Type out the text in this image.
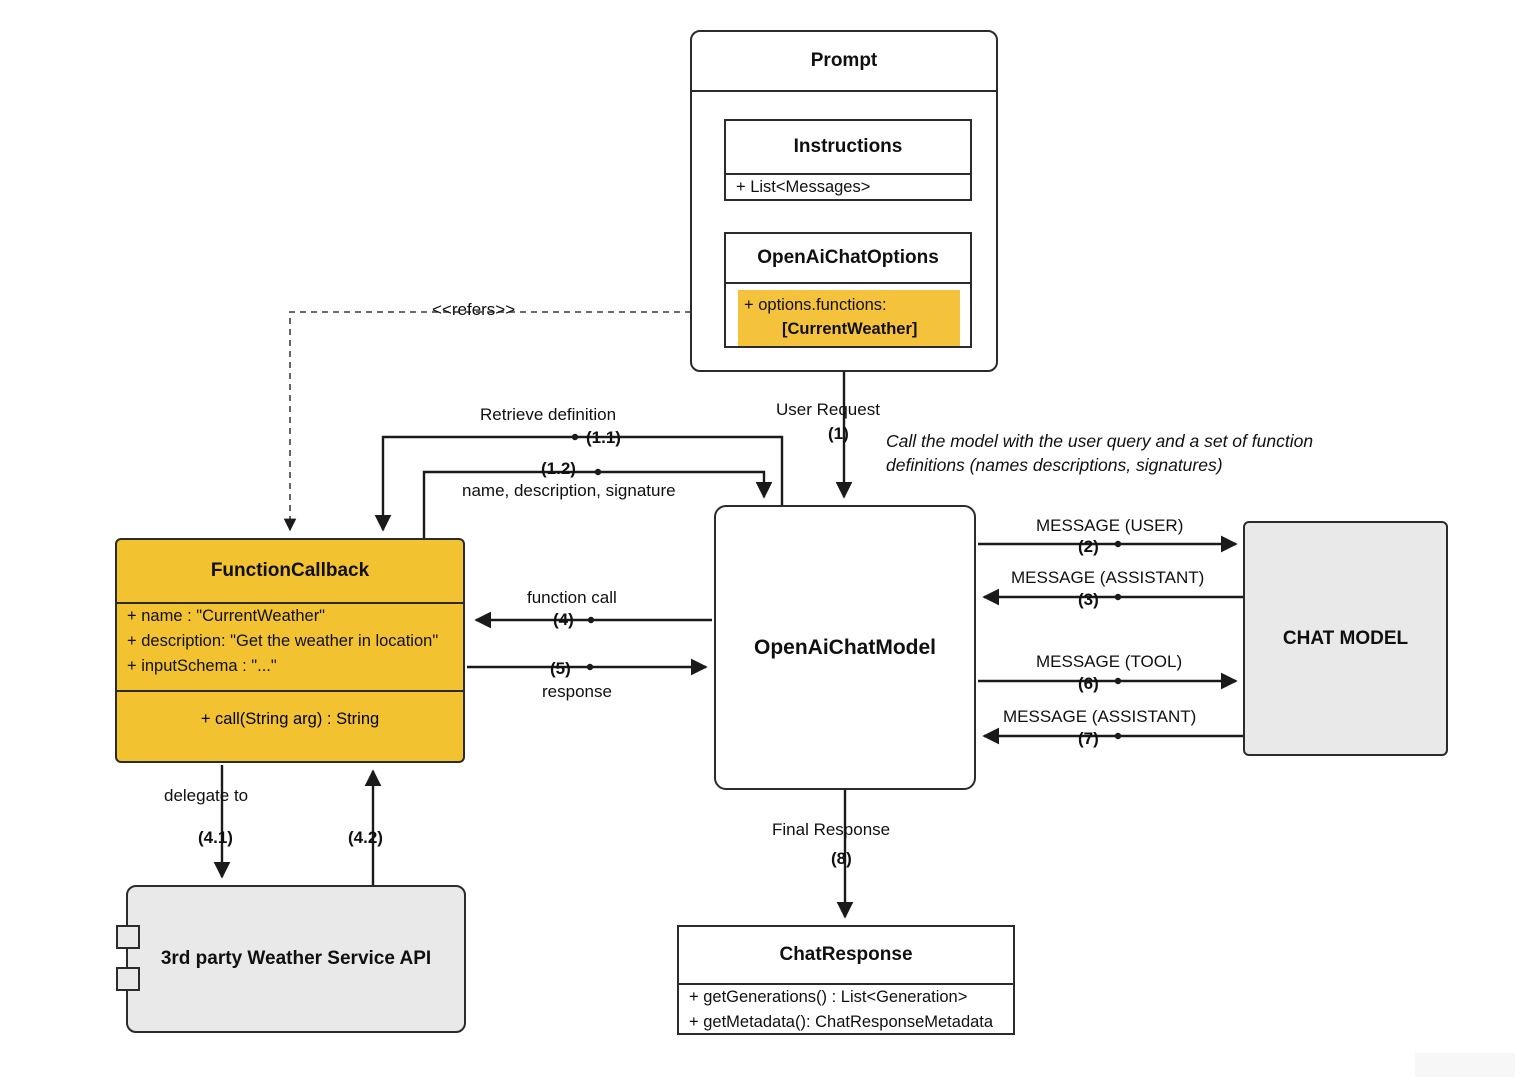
Prompt
Instructions
+ List<Messages>
OpenAiChatOptions
+ options.functions:
[CurrentWeather]
FunctionCallback
+ name : "CurrentWeather"
+ description: "Get the weather in location"
+ inputSchema : "..."
+ call(String arg) : String
OpenAiChatModel	CHAT MODEL
3rd party Weather Service API	ChatResponse
+ getGenerations() : List<Generation>
+ getMetadata(): ChatResponseMetadata
<<refers>>
User Request
(1) Call the model with the user query and a set of function definitions (names descriptions, signatures)
Retrieve definition
(1.1)
(1.2)
name, description, signature
function call
(4)
(5)
response
delegate to
(4.1)	(4.2)
MESSAGE (USER)
(2)
MESSAGE (ASSISTANT)
(3)
MESSAGE (TOOL)
(6)
MESSAGE (ASSISTANT)
(7)
Final Response
(8)
